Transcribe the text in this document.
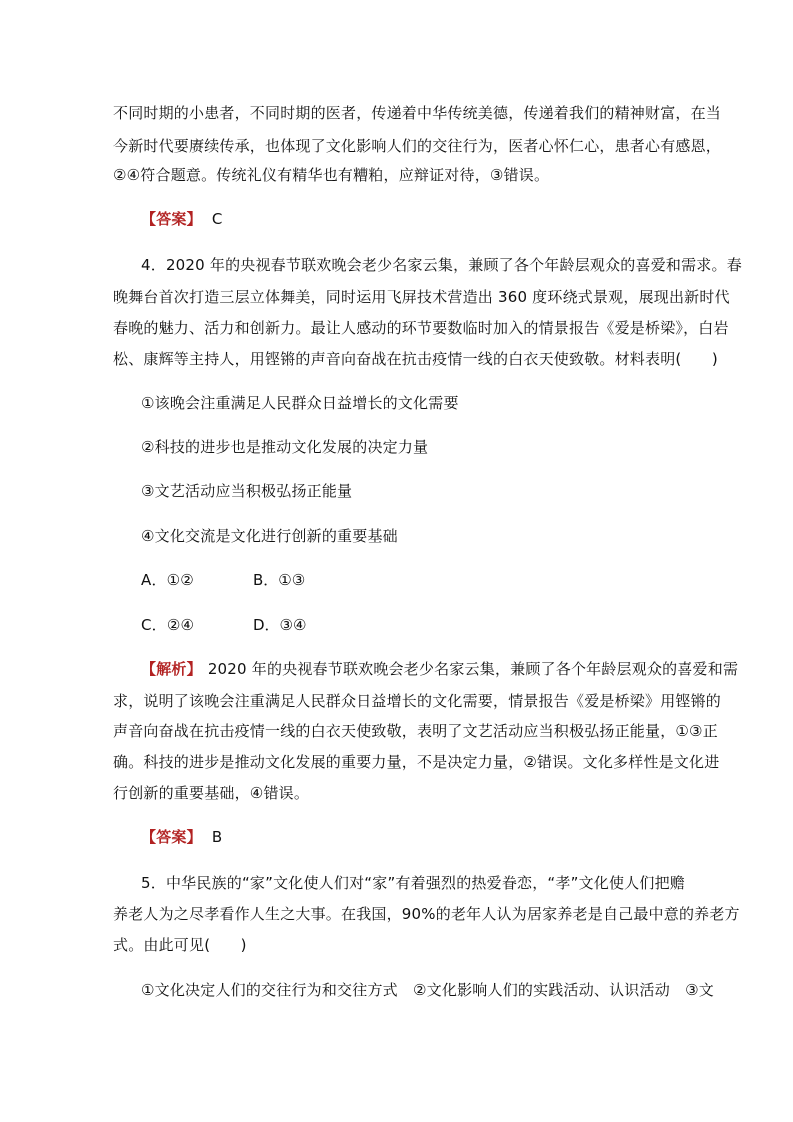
不同时期的小患者，不同时期的医者，传递着中华传统美德，传递着我们的精神财富，在当
今新时代要赓续传承，也体现了文化影响人们的交往行为，医者心怀仁心，患者心有感恩，
②④符合题意。传统礼仪有精华也有糟粕，应辩证对待，③错误。
【答案】 C
4．2020 年的央视春节联欢晚会老少名家云集，兼顾了各个年龄层观众的喜爱和需求。春
晚舞台首次打造三层立体舞美，同时运用飞屏技术营造出 360 度环绕式景观，展现出新时代
春晚的魅力、活力和创新力。最让人感动的环节要数临时加入的情景报告《爱是桥梁》，白岩
松、康辉等主持人，用铿锵的声音向奋战在抗击疫情一线的白衣天使致敬。材料表明(　　)
①该晚会注重满足人民群众日益增长的文化需要
②科技的进步也是推动文化发展的决定力量
③文艺活动应当积极弘扬正能量
④文化交流是文化进行创新的重要基础
A．①②	B．①③
C．②④	D．③④
【解析】 2020 年的央视春节联欢晚会老少名家云集，兼顾了各个年龄层观众的喜爱和需
求，说明了该晚会注重满足人民群众日益增长的文化需要，情景报告《爱是桥梁》用铿锵的
声音向奋战在抗击疫情一线的白衣天使致敬，表明了文艺活动应当积极弘扬正能量，①③正
确。科技的进步是推动文化发展的重要力量，不是决定力量，②错误。文化多样性是文化进
行创新的重要基础，④错误。
【答案】 B
5．中华民族的“家”文化使人们对“家”有着强烈的热爱眷恋，“孝”文化使人们把赡
养老人为之尽孝看作人生之大事。在我国，90%的老年人认为居家养老是自己最中意的养老方
式。由此可见(　　)
①文化决定人们的交往行为和交往方式　②文化影响人们的实践活动、认识活动　③文
